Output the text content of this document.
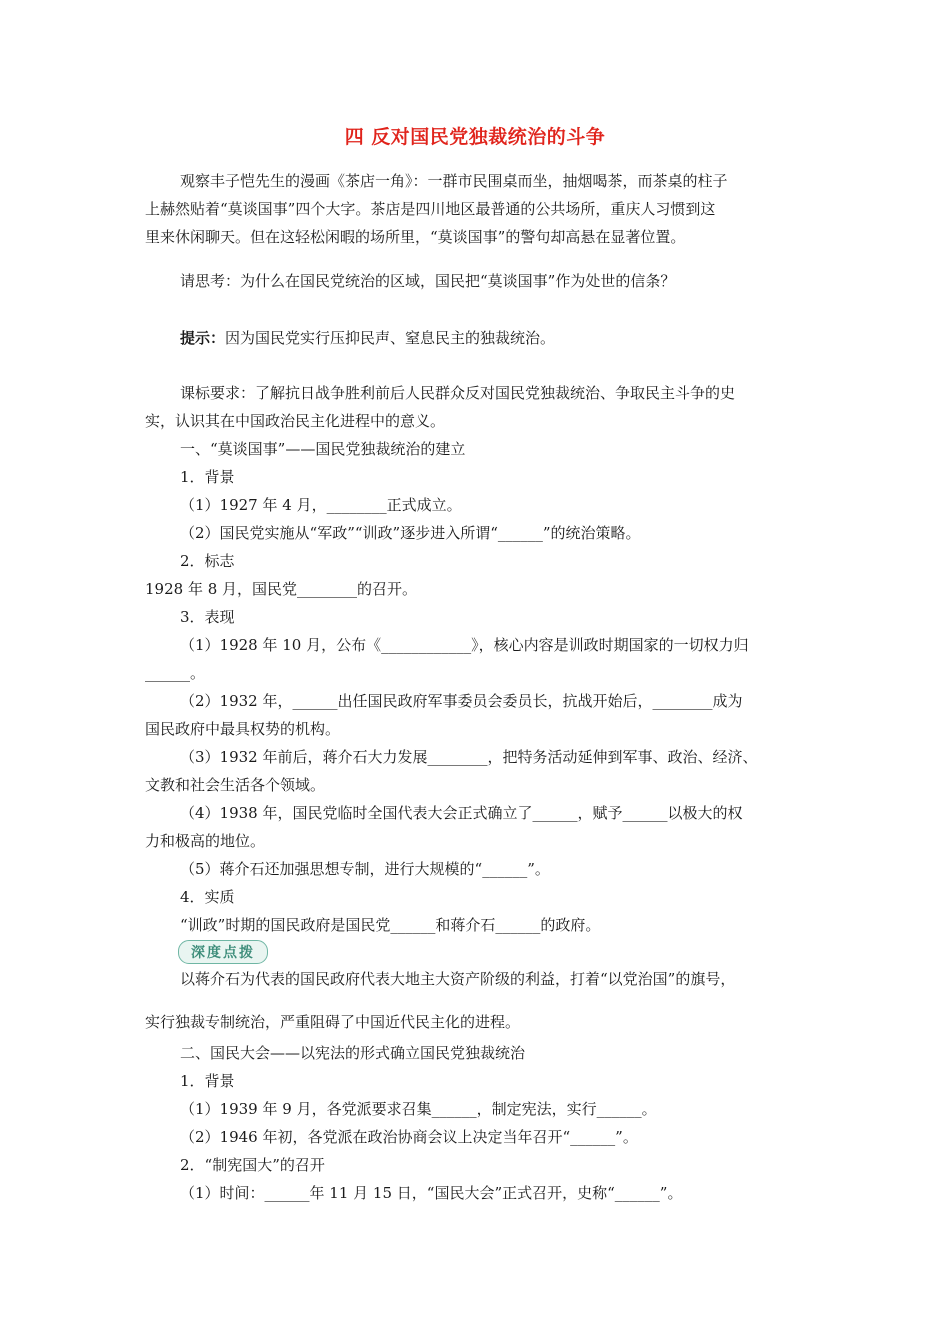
四 反对国民党独裁统治的斗争
观察丰子恺先生的漫画《茶店一角》：一群市民围桌而坐，抽烟喝茶，而茶桌的柱子
上赫然贴着“莫谈国事”四个大字。茶店是四川地区最普通的公共场所，重庆人习惯到这
里来休闲聊天。但在这轻松闲暇的场所里，“莫谈国事”的警句却高悬在显著位置。
请思考：为什么在国民党统治的区域，国民把“莫谈国事”作为处世的信条？
提示：因为国民党实行压抑民声、窒息民主的独裁统治。
课标要求：了解抗日战争胜利前后人民群众反对国民党独裁统治、争取民主斗争的史
实，认识其在中国政治民主化进程中的意义。
一、“莫谈国事”——国民党独裁统治的建立
1．背景
（1）1927 年 4 月，________正式成立。
（2）国民党实施从“军政”“训政”逐步进入所谓“______”的统治策略。
2．标志
1928 年 8 月，国民党________的召开。
3．表现
（1）1928 年 10 月，公布《____________》，核心内容是训政时期国家的一切权力归
______。
（2）1932 年，______出任国民政府军事委员会委员长，抗战开始后，________成为
国民政府中最具权势的机构。
（3）1932 年前后，蒋介石大力发展________，把特务活动延伸到军事、政治、经济、
文教和社会生活各个领域。
（4）1938 年，国民党临时全国代表大会正式确立了______，赋予______以极大的权
力和极高的地位。
（5）蒋介石还加强思想专制，进行大规模的“______”。
4．实质
“训政”时期的国民政府是国民党______和蒋介石______的政府。
深度点拨
以蒋介石为代表的国民政府代表大地主大资产阶级的利益，打着“以党治国”的旗号，
实行独裁专制统治，严重阻碍了中国近代民主化的进程。
二、国民大会——以宪法的形式确立国民党独裁统治
1．背景
（1）1939 年 9 月，各党派要求召集______，制定宪法，实行______。
（2）1946 年初，各党派在政治协商会议上决定当年召开“______”。
2．“制宪国大”的召开
（1）时间：______年 11 月 15 日，“国民大会”正式召开，史称“______”。
